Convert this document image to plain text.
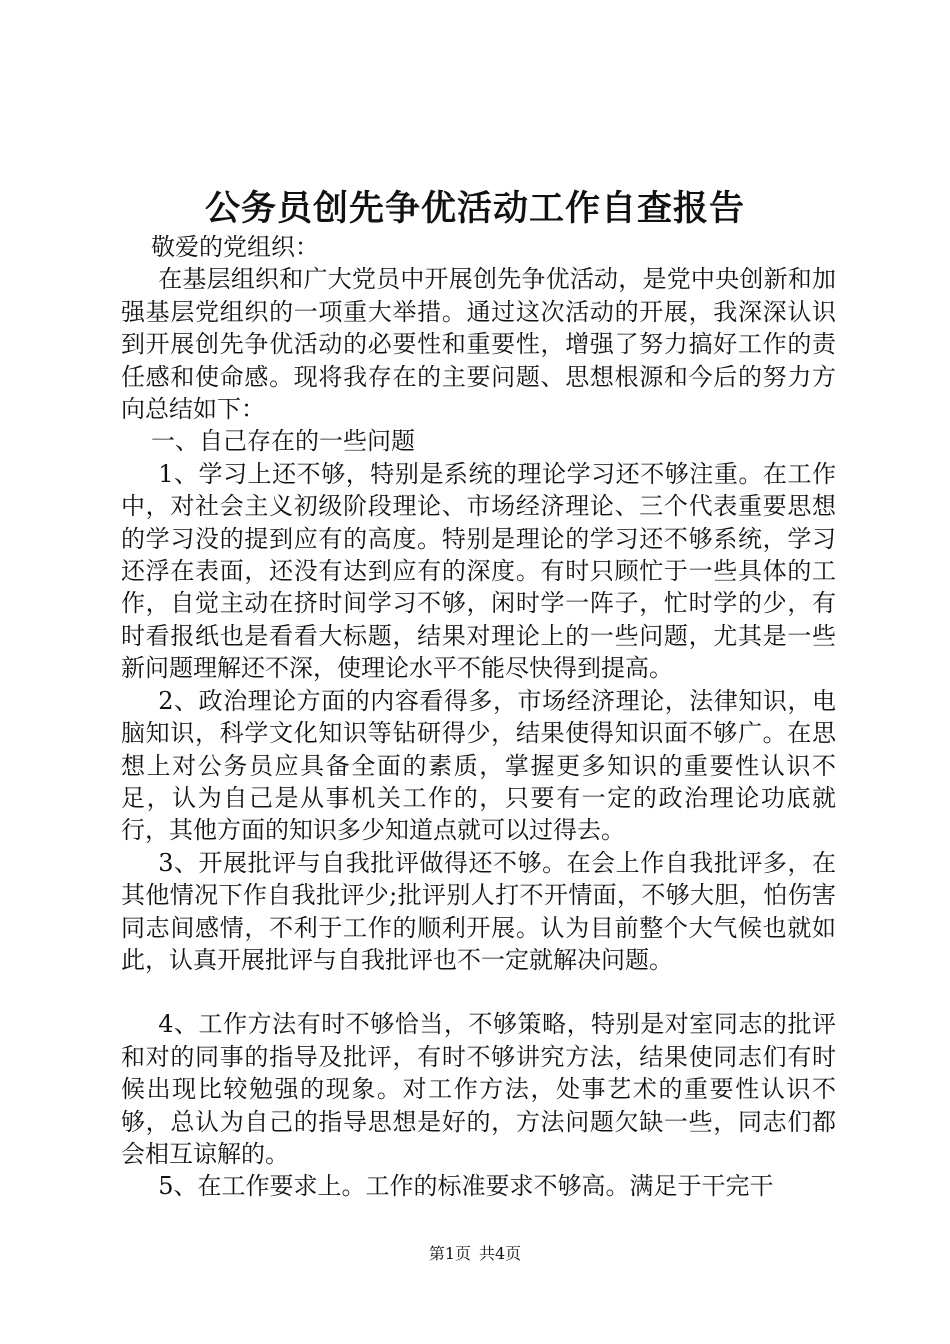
公务员创先争优活动工作自查报告

敬爱的党组织：

在基层组织和广大党员中开展创先争优活动，是党中央创新和加强基层党组织的一项重大举措。通过这次活动的开展，我深深认识到开展创先争优活动的必要性和重要性，增强了努力搞好工作的责任感和使命感。现将我存在的主要问题、思想根源和今后的努力方向总结如下：

一、自己存在的一些问题

1、学习上还不够，特别是系统的理论学习还不够注重。在工作中，对社会主义初级阶段理论、市场经济理论、三个代表重要思想的学习没的提到应有的高度。特别是理论的学习还不够系统，学习还浮在表面，还没有达到应有的深度。有时只顾忙于一些具体的工作，自觉主动在挤时间学习不够，闲时学一阵子，忙时学的少，有时看报纸也是看看大标题，结果对理论上的一些问题，尤其是一些新问题理解还不深，使理论水平不能尽快得到提高。

2、政治理论方面的内容看得多，市场经济理论，法律知识，电脑知识，科学文化知识等钻研得少，结果使得知识面不够广。在思想上对公务员应具备全面的素质，掌握更多知识的重要性认识不足，认为自己是从事机关工作的，只要有一定的政治理论功底就行，其他方面的知识多少知道点就可以过得去。

3、开展批评与自我批评做得还不够。在会上作自我批评多，在其他情况下作自我批评少;批评别人打不开情面，不够大胆，怕伤害同志间感情，不利于工作的顺利开展。认为目前整个大气候也就如此，认真开展批评与自我批评也不一定就解决问题。

4、工作方法有时不够恰当，不够策略，特别是对室同志的批评和对的同事的指导及批评，有时不够讲究方法，结果使同志们有时候出现比较勉强的现象。对工作方法，处事艺术的重要性认识不够，总认为自己的指导思想是好的，方法问题欠缺一些，同志们都会相互谅解的。

5、在工作要求上。工作的标准要求不够高。满足于干完干

第1页 共4页
